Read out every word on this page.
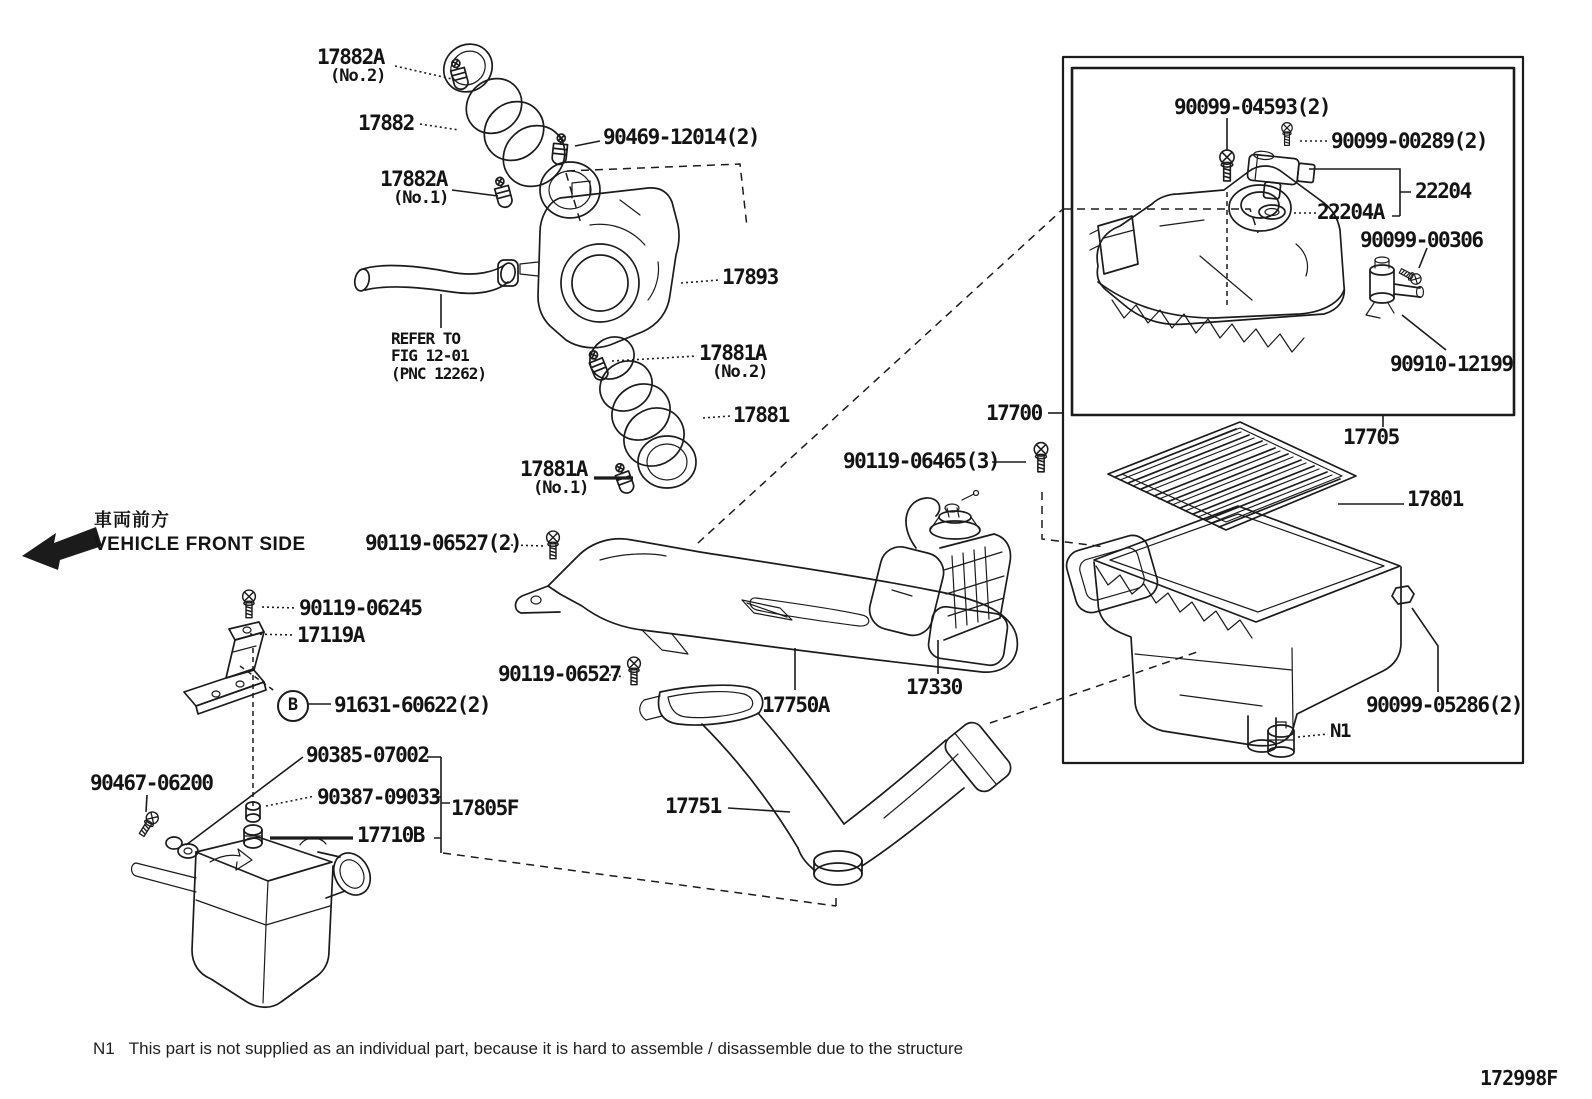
17882A
(No.2)
17882
90469-12014(2)
17882A
(No.1)
17893
REFER TO
FIG 12-01
(PNC 12262)
17881A
(No.2)
17881
17881A
(No.1)
車両前方
VEHICLE FRONT SIDE	90119-06527(2)
90119-06245
17119A
B	91631-60622(2)
90385-07002
90467-06200
90387-09033 17805F
17710B
90119-06527
17750A
17751
17330
90119-06465(3)
17700
90099-04593(2)
90099-00289(2)
22204
22204A
90099-00306
90910-12199
17705
17801
90099-05286(2)
N1
N1 This part is not supplied as an individual part, because it is hard to assemble / disassemble due to the structure
172998F
